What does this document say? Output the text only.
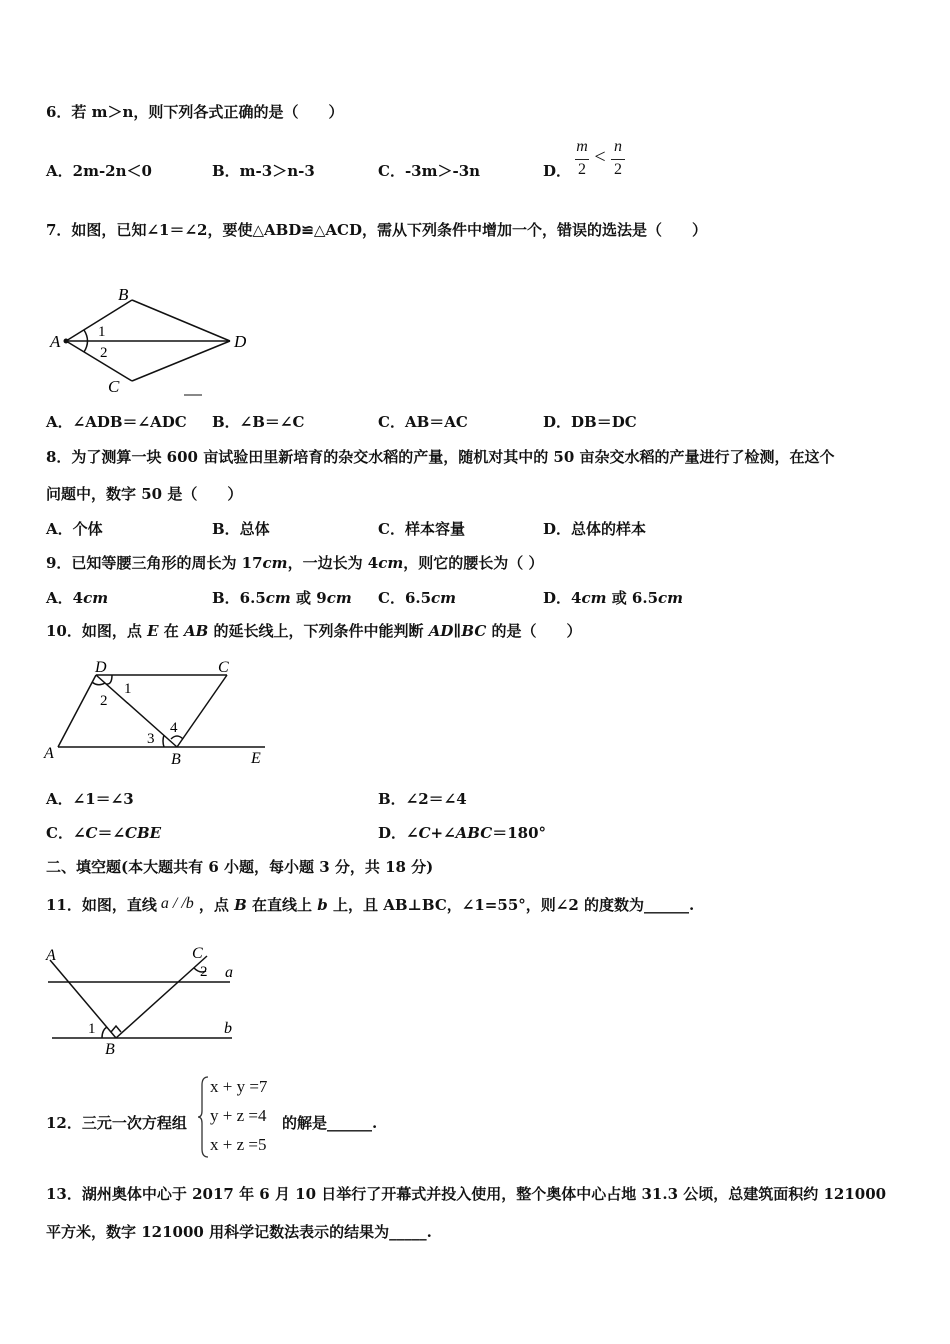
6．若 m＞n，则下列各式正确的是（　　）
A．2m-2n＜0	B．m-3＞n-3	C．-3m＞-3n	D．
m
2
< n
2
7．如图，已知∠1＝∠2，要使△ABD≌△ACD，需从下列条件中增加一个，错误的选法是（　　）
A
B
C
D
1
2
A．∠ADB＝∠ADC B．∠B＝∠C	C．AB＝AC	D．DB＝DC
8．为了测算一块 600 亩试验田里新培育的杂交水稻的产量，随机对其中的 50 亩杂交水稻的产量进行了检测，在这个
问题中，数字 50 是（　　）
A．个体	B．总体	C．样本容量	D．总体的样本
9．已知等腰三角形的周长为 17cm，一边长为 4cm，则它的腰长为（ ）
A．4cm	B．6.5cm 或 9cm C．6.5cm	D．4cm 或 6.5cm
10．如图，点 E 在 AB 的延长线上，下列条件中能判断 AD∥BC 的是（　　）
D	C
A	B	E
1
2
3
4
A．∠1＝∠3	B．∠2＝∠4
C．∠C＝∠CBE	D．∠C+∠ABC＝180°
二、填空题(本大题共有 6 小题，每小题 3 分，共 18 分)
11．如图，直线 a / /b ，点 B 在直线上 b 上，且 AB⊥BC，∠1=55°，则∠2 的度数为______.
A	C
2 a
b
1
B
12．三元一次方程组
x + y =7
y + z =4
x + z =5
的解是______.
13．湖州奥体中心于 2017 年 6 月 10 日举行了开幕式并投入使用，整个奥体中心占地 31.3 公顷，总建筑面积约 121000
平方米，数字 121000 用科学记数法表示的结果为_____.
